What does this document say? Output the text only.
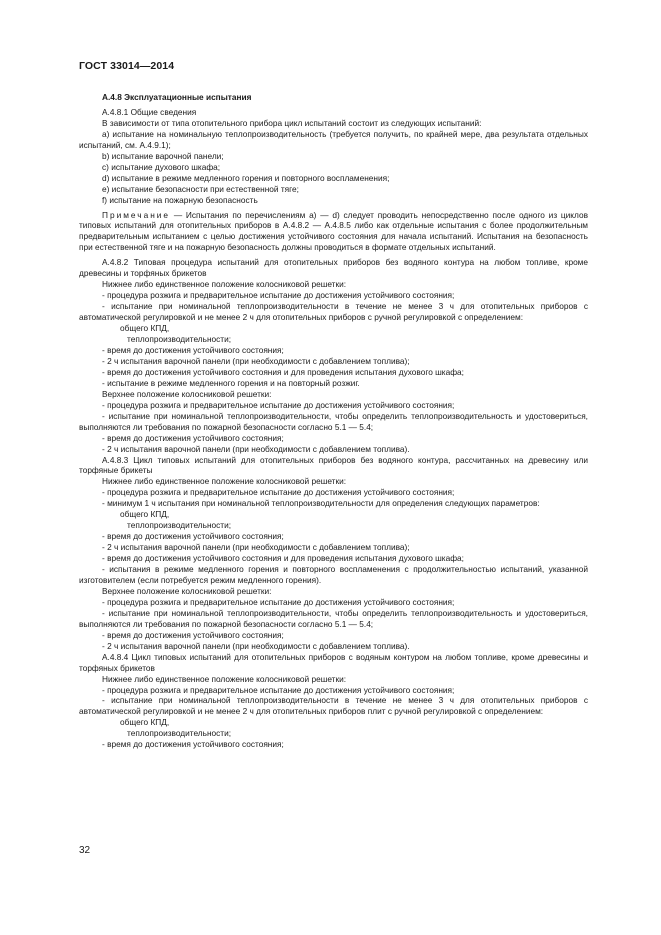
ГОСТ 33014—2014

А.4.8 Эксплуатационные испытания

А.4.8.1 Общие сведения

В зависимости от типа отопительного прибора цикл испытаний состоит из следующих испытаний:

a) испытание на номинальную теплопроизводительность (требуется получить, по крайней мере, два результата отдельных испытаний, см. А.4.9.1);

b) испытание варочной панели;

c) испытание духового шкафа;

d) испытание в режиме медленного горения и повторного воспламенения;

e) испытание безопасности при естественной тяге;

f) испытание на пожарную безопасность

Примечание — Испытания по перечислениям а) — d) следует проводить непосредственно после одного из циклов типовых испытаний для отопительных приборов в А.4.8.2 — А.4.8.5 либо как отдельные испытания с более продолжительным предварительным испытанием с целью достижения устойчивого состояния для начала испытаний. Испытания на безопасность при естественной тяге и на пожарную безопасность должны проводиться в формате отдельных испытаний.

А.4.8.2 Типовая процедура испытаний для отопительных приборов без водяного контура на любом топливе, кроме древесины и торфяных брикетов

Нижнее либо единственное положение колосниковой решетки:

- процедура розжига и предварительное испытание до достижения устойчивого состояния;

- испытание при номинальной теплопроизводительности в течение не менее 3 ч для отопительных приборов с автоматической регулировкой и не менее 2 ч для отопительных приборов с ручной регулировкой с определением:

общего КПД,

теплопроизводительности;

- время до достижения устойчивого состояния;

- 2 ч испытания варочной панели (при необходимости с добавлением топлива);

- время до достижения устойчивого состояния и для проведения испытания духового шкафа;

- испытание в режиме медленного горения и на повторный розжиг.

Верхнее положение колосниковой решетки:

- процедура розжига и предварительное испытание до достижения устойчивого состояния;

- испытание при номинальной теплопроизводительности, чтобы определить теплопроизводительность и удостовериться, выполняются ли требования по пожарной безопасности согласно 5.1 — 5.4;

- время до достижения устойчивого состояния;

- 2 ч испытания варочной панели (при необходимости с добавлением топлива).

А.4.8.3 Цикл типовых испытаний для отопительных приборов без водяного контура, рассчитанных на древесину или торфяные брикеты

Нижнее либо единственное положение колосниковой решетки:

- процедура розжига и предварительное испытание до достижения устойчивого состояния;

- минимум 1 ч испытания при номинальной теплопроизводительности для определения следующих параметров:

общего КПД,

теплопроизводительности;

- время до достижения устойчивого состояния;

- 2 ч испытания варочной панели (при необходимости с добавлением топлива);

- время до достижения устойчивого состояния и для проведения испытания духового шкафа;

- испытания в режиме медленного горения и повторного воспламенения с продолжительностью испытаний, указанной изготовителем (если потребуется режим медленного горения).

Верхнее положение колосниковой решетки:

- процедура розжига и предварительное испытание до достижения устойчивого состояния;

- испытание при номинальной теплопроизводительности, чтобы определить теплопроизводительность и удостовериться, выполняются ли требования по пожарной безопасности согласно 5.1 — 5.4;

- время до достижения устойчивого состояния;

- 2 ч испытания варочной панели (при необходимости с добавлением топлива).

А.4.8.4 Цикл типовых испытаний для отопительных приборов с водяным контуром на любом топливе, кроме древесины и торфяных брикетов

Нижнее либо единственное положение колосниковой решетки:

- процедура розжига и предварительное испытание до достижения устойчивого состояния;

- испытание при номинальной теплопроизводительности в течение не менее 3 ч для отопительных приборов с автоматической регулировкой и не менее 2 ч для отопительных приборов плит с ручной регулировкой с определением:

общего КПД,

теплопроизводительности;

- время до достижения устойчивого состояния;

32
